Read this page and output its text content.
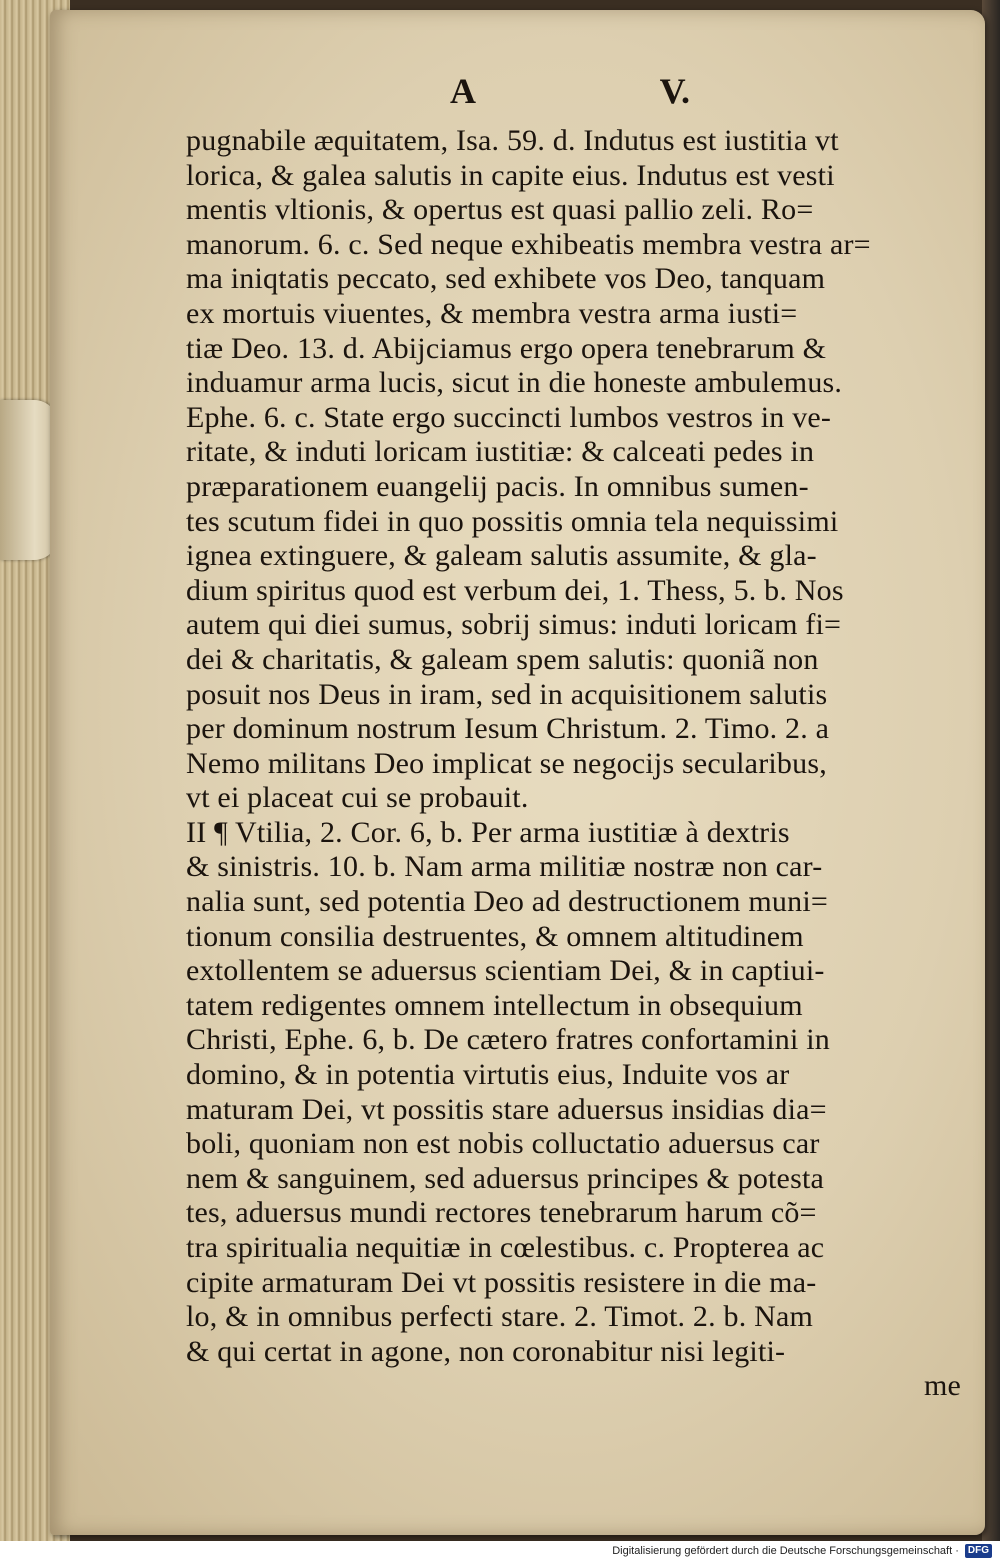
A	V.
pugnabile æquitatem, Isa. 59. d. Indutus est iustitia vt
lorica, & galea salutis in capite eius. Indutus est vesti
mentis vltionis, & opertus est quasi pallio zeli. Ro=
manorum. 6. c. Sed neque exhibeatis membra vestra ar=
ma iniqtatis peccato, sed exhibete vos Deo, tanquam
ex mortuis viuentes, & membra vestra arma iusti=
tiæ Deo. 13. d. Abijciamus ergo opera tenebrarum &
induamur arma lucis, sicut in die honeste ambulemus.
Ephe. 6. c. State ergo succincti lumbos vestros in ve-
ritate, & induti loricam iustitiæ: & calceati pedes in
præparationem euangelij pacis. In omnibus sumen-
tes scutum fidei in quo possitis omnia tela nequissimi
ignea extinguere, & galeam salutis assumite, & gla-
dium spiritus quod est verbum dei, 1. Thess, 5. b. Nos
autem qui diei sumus, sobrij simus: induti loricam fi=
dei & charitatis, & galeam spem salutis: quoniã non
posuit nos Deus in iram, sed in acquisitionem salutis
per dominum nostrum Iesum Christum. 2. Timo. 2. a
Nemo militans Deo implicat se negocijs secularibus,
vt ei placeat cui se probauit.
II ¶ Vtilia, 2. Cor. 6, b. Per arma iustitiæ à dextris
& sinistris. 10. b. Nam arma militiæ nostræ non car-
nalia sunt, sed potentia Deo ad destructionem muni=
tionum consilia destruentes, & omnem altitudinem
extollentem se aduersus scientiam Dei, & in captiui-
tatem redigentes omnem intellectum in obsequium
Christi, Ephe. 6, b. De cætero fratres confortamini in
domino, & in potentia virtutis eius, Induite vos ar
maturam Dei, vt possitis stare aduersus insidias dia=
boli, quoniam non est nobis colluctatio aduersus car
nem & sanguinem, sed aduersus principes & potesta
tes, aduersus mundi rectores tenebrarum harum cõ=
tra spiritualia nequitiæ in cœlestibus. c. Propterea ac
cipite armaturam Dei vt possitis resistere in die ma-
lo, & in omnibus perfecti stare. 2. Timot. 2. b. Nam
& qui certat in agone, non coronabitur nisi legiti-
me
Digitalisierung gefördert durch die Deutsche Forschungsgemeinschaft · DFG
